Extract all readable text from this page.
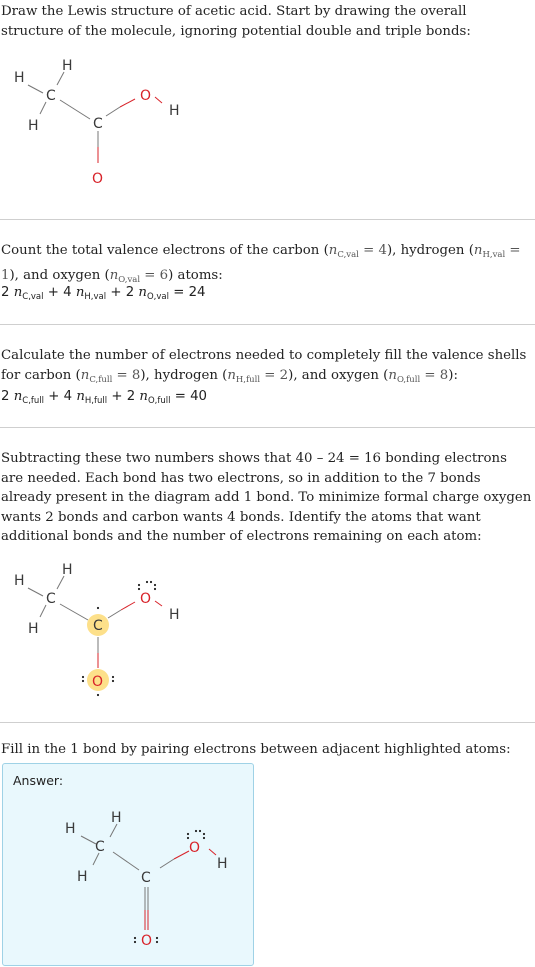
Draw the Lewis structure of acetic acid. Start by drawing the overall structure of the molecule, ignoring potential double and triple bonds:

H
H
C
H	C
O
H
O

Count the total valence electrons of the carbon $(n_{C,val} = 4)$, hydrogen $(n_{H,val} = 1)$, and oxygen $(n_{O,val} = 6)$ atoms:

2 $n_{C,val} + 4$ $n_{H,val} + 2$ $n_{O,val} = 24$

Calculate the number of electrons needed to completely fill the valence shells for carbon $(n_{C,full} = 8)$, hydrogen $(n_{H,full} = 2)$, and oxygen $(n_{O,full} = 8)$:

2 $n_{C,full} + 4$ $n_{H,full} + 2$ $n_{O,full} = 40$

Subtracting these two numbers shows that 40 – 24 = 16 bonding electrons are needed. Each bond has two electrons, so in addition to the 7 bonds already present in the diagram add 1 bond. To minimize formal charge oxygen wants 2 bonds and carbon wants 4 bonds. Identify the atoms that want additional bonds and the number of electrons remaining on each atom:

H
H
C
H	C
O
H
O

Fill in the 1 bond by pairing electrons between adjacent highlighted atoms:

Answer:
H
H
C
H	C
O
H
O
